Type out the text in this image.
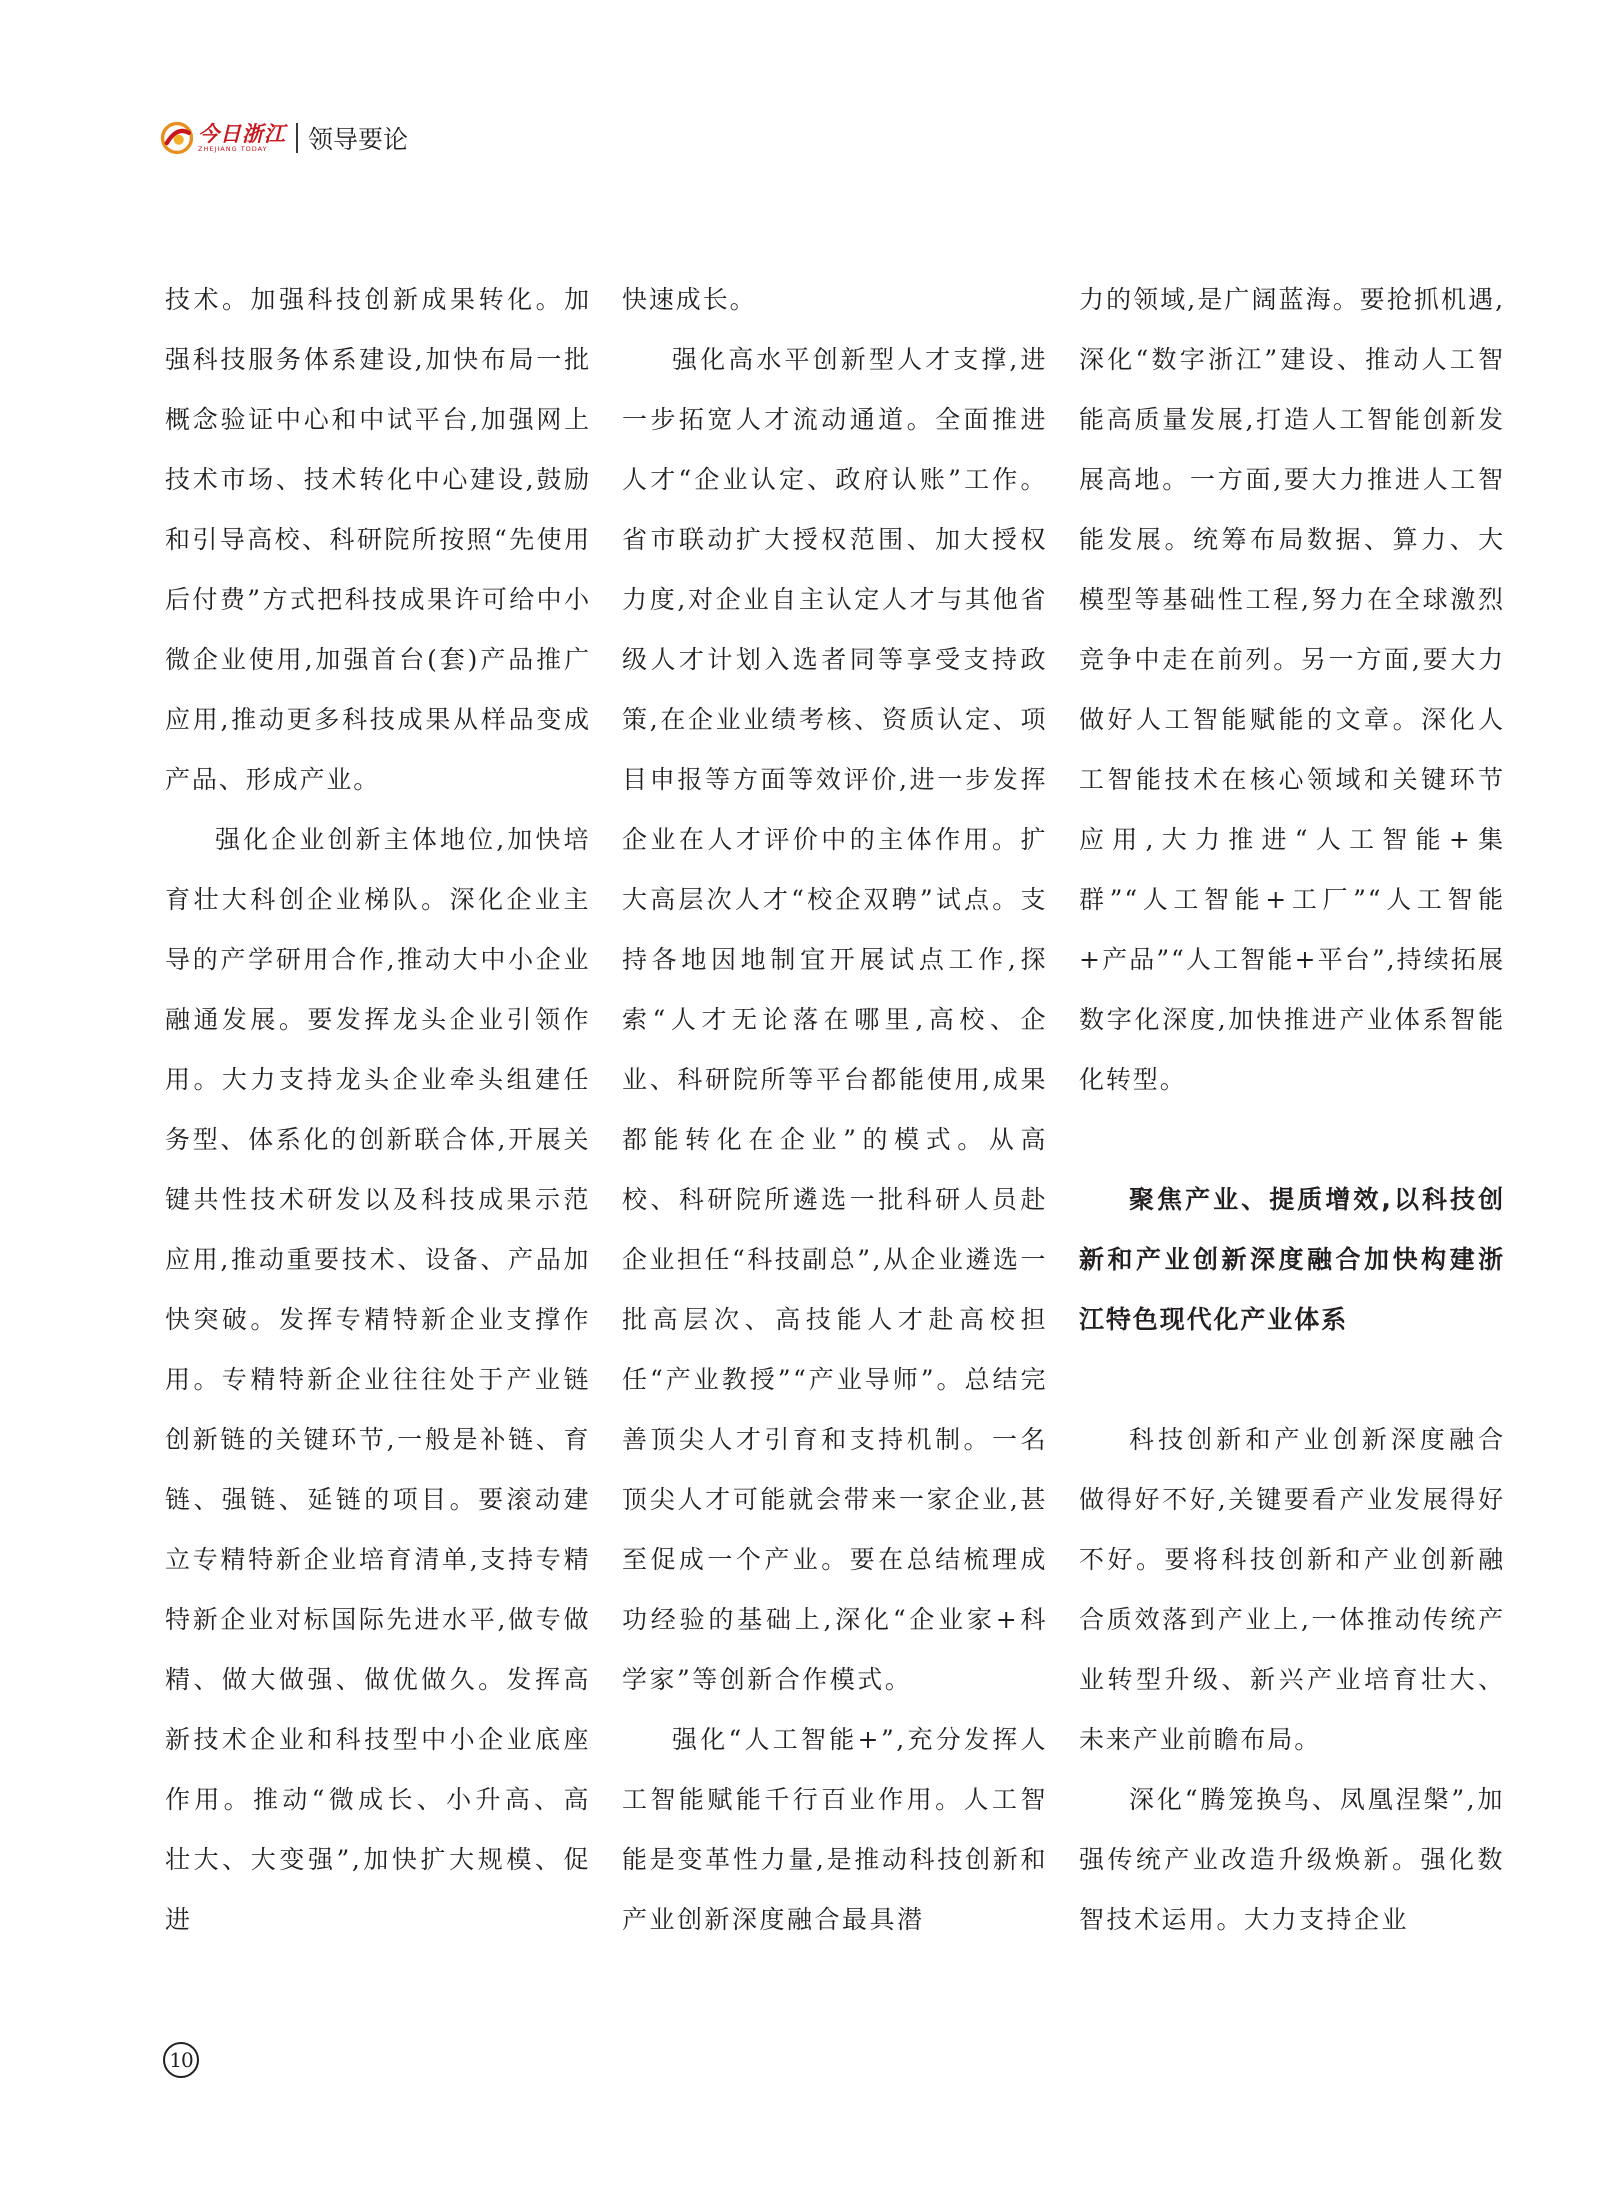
今日浙江
ZHEJIANG TODAY	领导要论

技术。加强科技创新成果转化。加强科技服务体系建设,加快布局一批概念验证中心和中试平台,加强网上技术市场、技术转化中心建设,鼓励和引导高校、科研院所按照“先使用后付费”方式把科技成果许可给中小微企业使用,加强首台(套)产品推广应用,推动更多科技成果从样品变成产品、形成产业。

强化企业创新主体地位,加快培育壮大科创企业梯队。深化企业主导的产学研用合作,推动大中小企业融通发展。要发挥龙头企业引领作用。大力支持龙头企业牵头组建任务型、体系化的创新联合体,开展关键共性技术研发以及科技成果示范应用,推动重要技术、设备、产品加快突破。发挥专精特新企业支撑作用。专精特新企业往往处于产业链创新链的关键环节,一般是补链、育链、强链、延链的项目。要滚动建立专精特新企业培育清单,支持专精特新企业对标国际先进水平,做专做精、做大做强、做优做久。发挥高新技术企业和科技型中小企业底座作用。推动“微成长、小升高、高壮大、大变强”,加快扩大规模、促进

快速成长。

强化高水平创新型人才支撑,进一步拓宽人才流动通道。全面推进人才“企业认定、政府认账”工作。省市联动扩大授权范围、加大授权力度,对企业自主认定人才与其他省级人才计划入选者同等享受支持政策,在企业业绩考核、资质认定、项目申报等方面等效评价,进一步发挥企业在人才评价中的主体作用。扩大高层次人才“校企双聘”试点。支持各地因地制宜开展试点工作,探索“人才无论落在哪里,高校、企业、科研院所等平台都能使用,成果都能转化在企业”的模式。从高校、科研院所遴选一批科研人员赴企业担任“科技副总”,从企业遴选一批高层次、高技能人才赴高校担任“产业教授”“产业导师”。总结完善顶尖人才引育和支持机制。一名顶尖人才可能就会带来一家企业,甚至促成一个产业。要在总结梳理成功经验的基础上,深化“企业家+科学家”等创新合作模式。

强化“人工智能+”,充分发挥人工智能赋能千行百业作用。人工智能是变革性力量,是推动科技创新和产业创新深度融合最具潜

力的领域,是广阔蓝海。要抢抓机遇,深化“数字浙江”建设、推动人工智能高质量发展,打造人工智能创新发展高地。一方面,要大力推进人工智能发展。统筹布局数据、算力、大模型等基础性工程,努力在全球激烈竞争中走在前列。另一方面,要大力做好人工智能赋能的文章。深化人工智能技术在核心领域和关键环节应用,大力推进“人工智能+集群”“人工智能+工厂”“人工智能+产品”“人工智能+平台”,持续拓展数字化深度,加快推进产业体系智能化转型。

聚焦产业、提质增效,以科技创新和产业创新深度融合加快构建浙江特色现代化产业体系

科技创新和产业创新深度融合做得好不好,关键要看产业发展得好不好。要将科技创新和产业创新融合质效落到产业上,一体推动传统产业转型升级、新兴产业培育壮大、未来产业前瞻布局。

深化“腾笼换鸟、凤凰涅槃”,加强传统产业改造升级焕新。强化数智技术运用。大力支持企业

10
